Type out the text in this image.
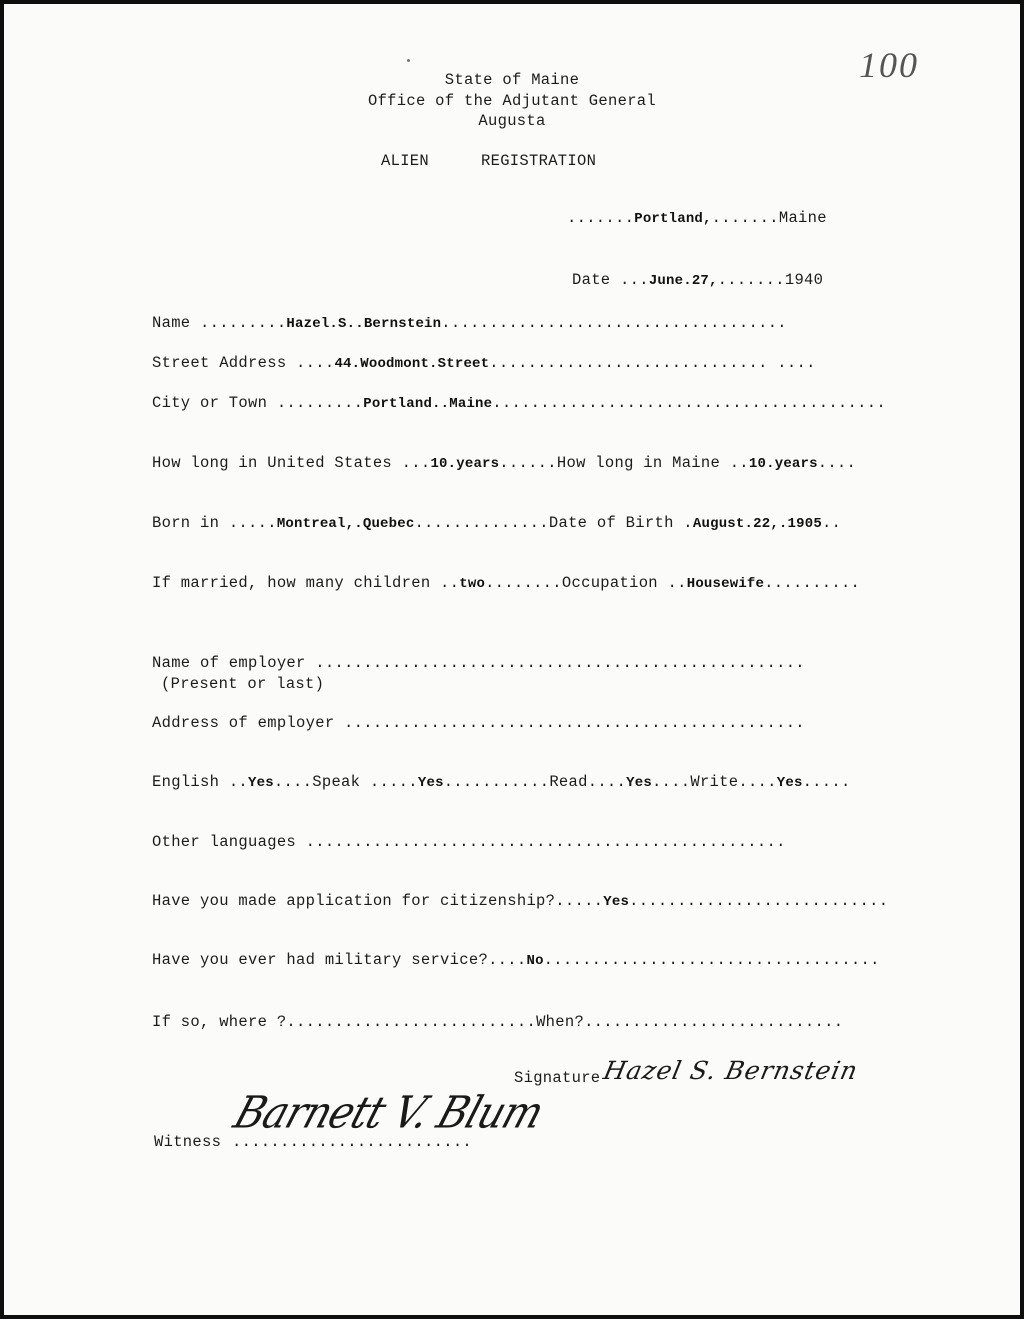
100
State of Maine
Office of the Adjutant General
Augusta
ALIEN	REGISTRATION
.......Portland,.......Maine
Date ...June.27,.......1940
Name .........Hazel.S..Bernstein....................................
Street Address ....44.Woodmont.Street............................. ....
City or Town .........Portland..Maine.........................................
How long in United States ...10.years......How long in Maine ..10.years....
Born in .....Montreal,.Quebec..............Date of Birth .August.22,.1905..
If married, how many children ..two........Occupation ..Housewife..........
Name of employer ...................................................
(Present or last)
Address of employer ................................................
English ..Yes....Speak .....Yes...........Read....Yes....Write....Yes.....
Other languages ..................................................
Have you made application for citizenship?.....Yes...........................
Have you ever had military service?....No...................................
If so, where ?..........................When?...........................
Signature Hazel S. Bernstein
Witness .........................
Barnett V. Blum
